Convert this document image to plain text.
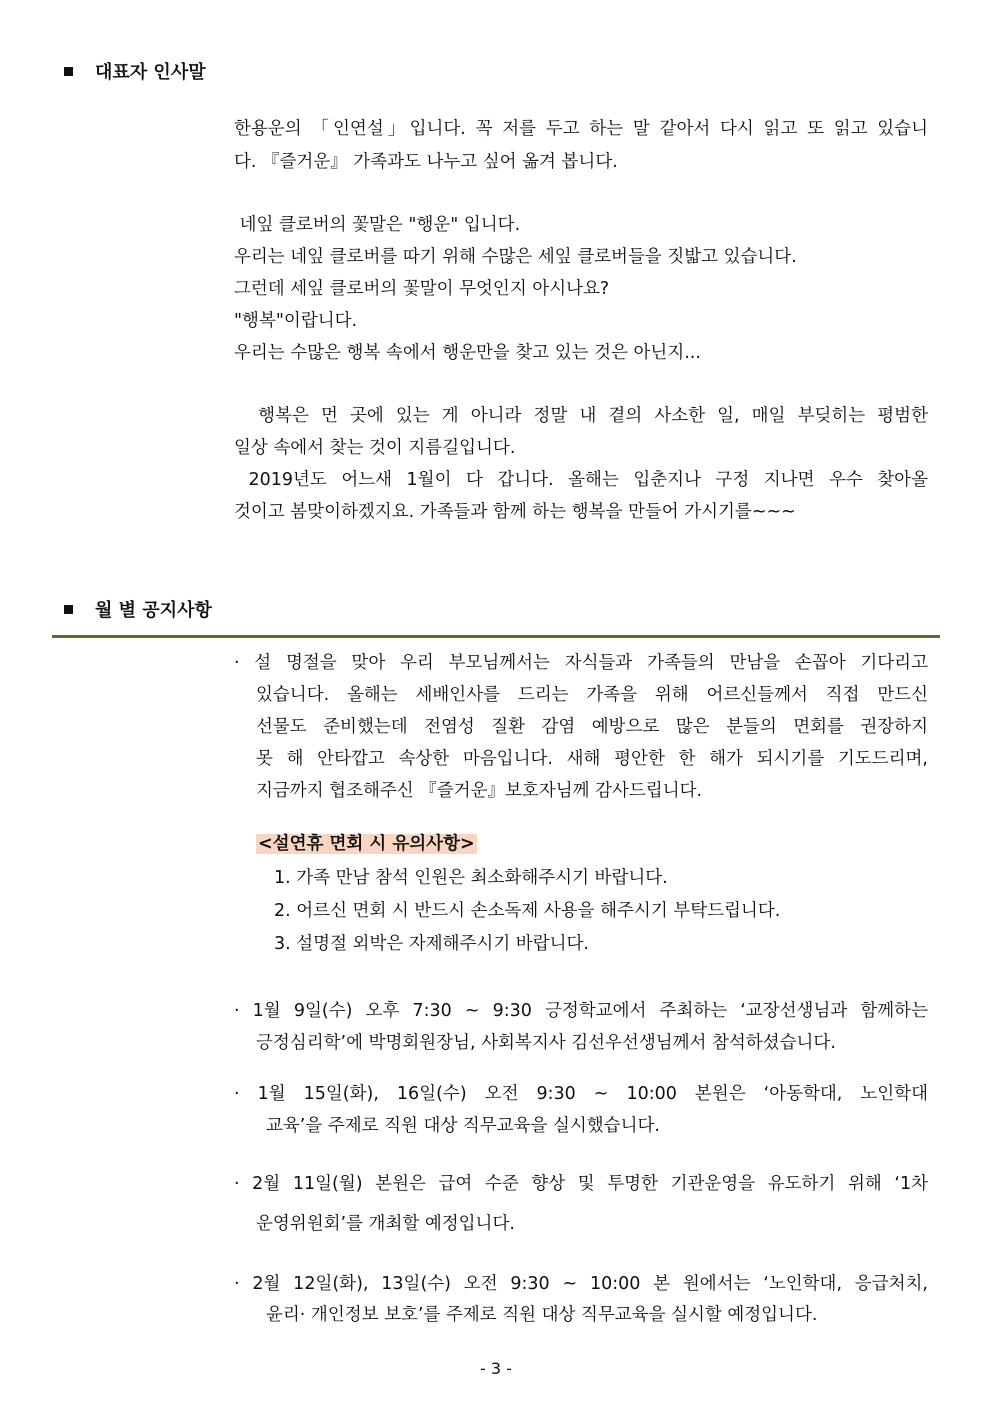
대표자 인사말
한용운의 「인연설」입니다. 꼭 저를 두고 하는 말 같아서 다시 읽고 또 읽고 있습니
다. 『즐거운』 가족과도 나누고 싶어 옮겨 봅니다.
네잎 클로버의 꽃말은 "행운" 입니다.
우리는 네잎 클로버를 따기 위해 수많은 세잎 클로버들을 짓밟고 있습니다.
그런데 세잎 클로버의 꽃말이 무엇인지 아시나요?
"행복"이랍니다.
우리는 수많은 행복 속에서 행운만을 찾고 있는 것은 아닌지...
행복은 먼 곳에 있는 게 아니라 정말 내 곁의 사소한 일, 매일 부딪히는 평범한
일상 속에서 찾는 것이 지름길입니다.
2019년도 어느새 1월이 다 갑니다. 올해는 입춘지나 구정 지나면 우수 찾아올
것이고 봄맞이하겠지요. 가족들과 함께 하는 행복을 만들어 가시기를~~~
월 별 공지사항
· 설 명절을 맞아 우리 부모님께서는 자식들과 가족들의 만남을 손꼽아 기다리고
있습니다. 올해는 세배인사를 드리는 가족을 위해 어르신들께서 직접 만드신
선물도 준비했는데 전염성 질환 감염 예방으로 많은 분들의 면회를 권장하지
못 해 안타깝고 속상한 마음입니다. 새해 평안한 한 해가 되시기를 기도드리며,
지금까지 협조해주신 『즐거운』보호자님께 감사드립니다.
<설연휴 면회 시 유의사항>
1. 가족 만남 참석 인원은 최소화해주시기 바랍니다.
2. 어르신 면회 시 반드시 손소독제 사용을 해주시기 부탁드립니다.
3. 설명절 외박은 자제해주시기 바랍니다.
· 1월 9일(수) 오후 7:30 ~ 9:30 긍정학교에서 주최하는 ‘교장선생님과 함께하는
긍정심리학’에 박명회원장님, 사회복지사 김선우선생님께서 참석하셨습니다.
· 1월 15일(화), 16일(수) 오전 9:30 ~ 10:00 본원은 ‘아동학대, 노인학대
교육’을 주제로 직원 대상 직무교육을 실시했습니다.
· 2월 11일(월) 본원은 급여 수준 향상 및 투명한 기관운영을 유도하기 위해 ‘1차
운영위원회’를 개최할 예정입니다.
· 2월 12일(화), 13일(수) 오전 9:30 ~ 10:00 본 원에서는 ‘노인학대, 응급처치,
윤리· 개인정보 보호’를 주제로 직원 대상 직무교육을 실시할 예정입니다.
- 3 -
